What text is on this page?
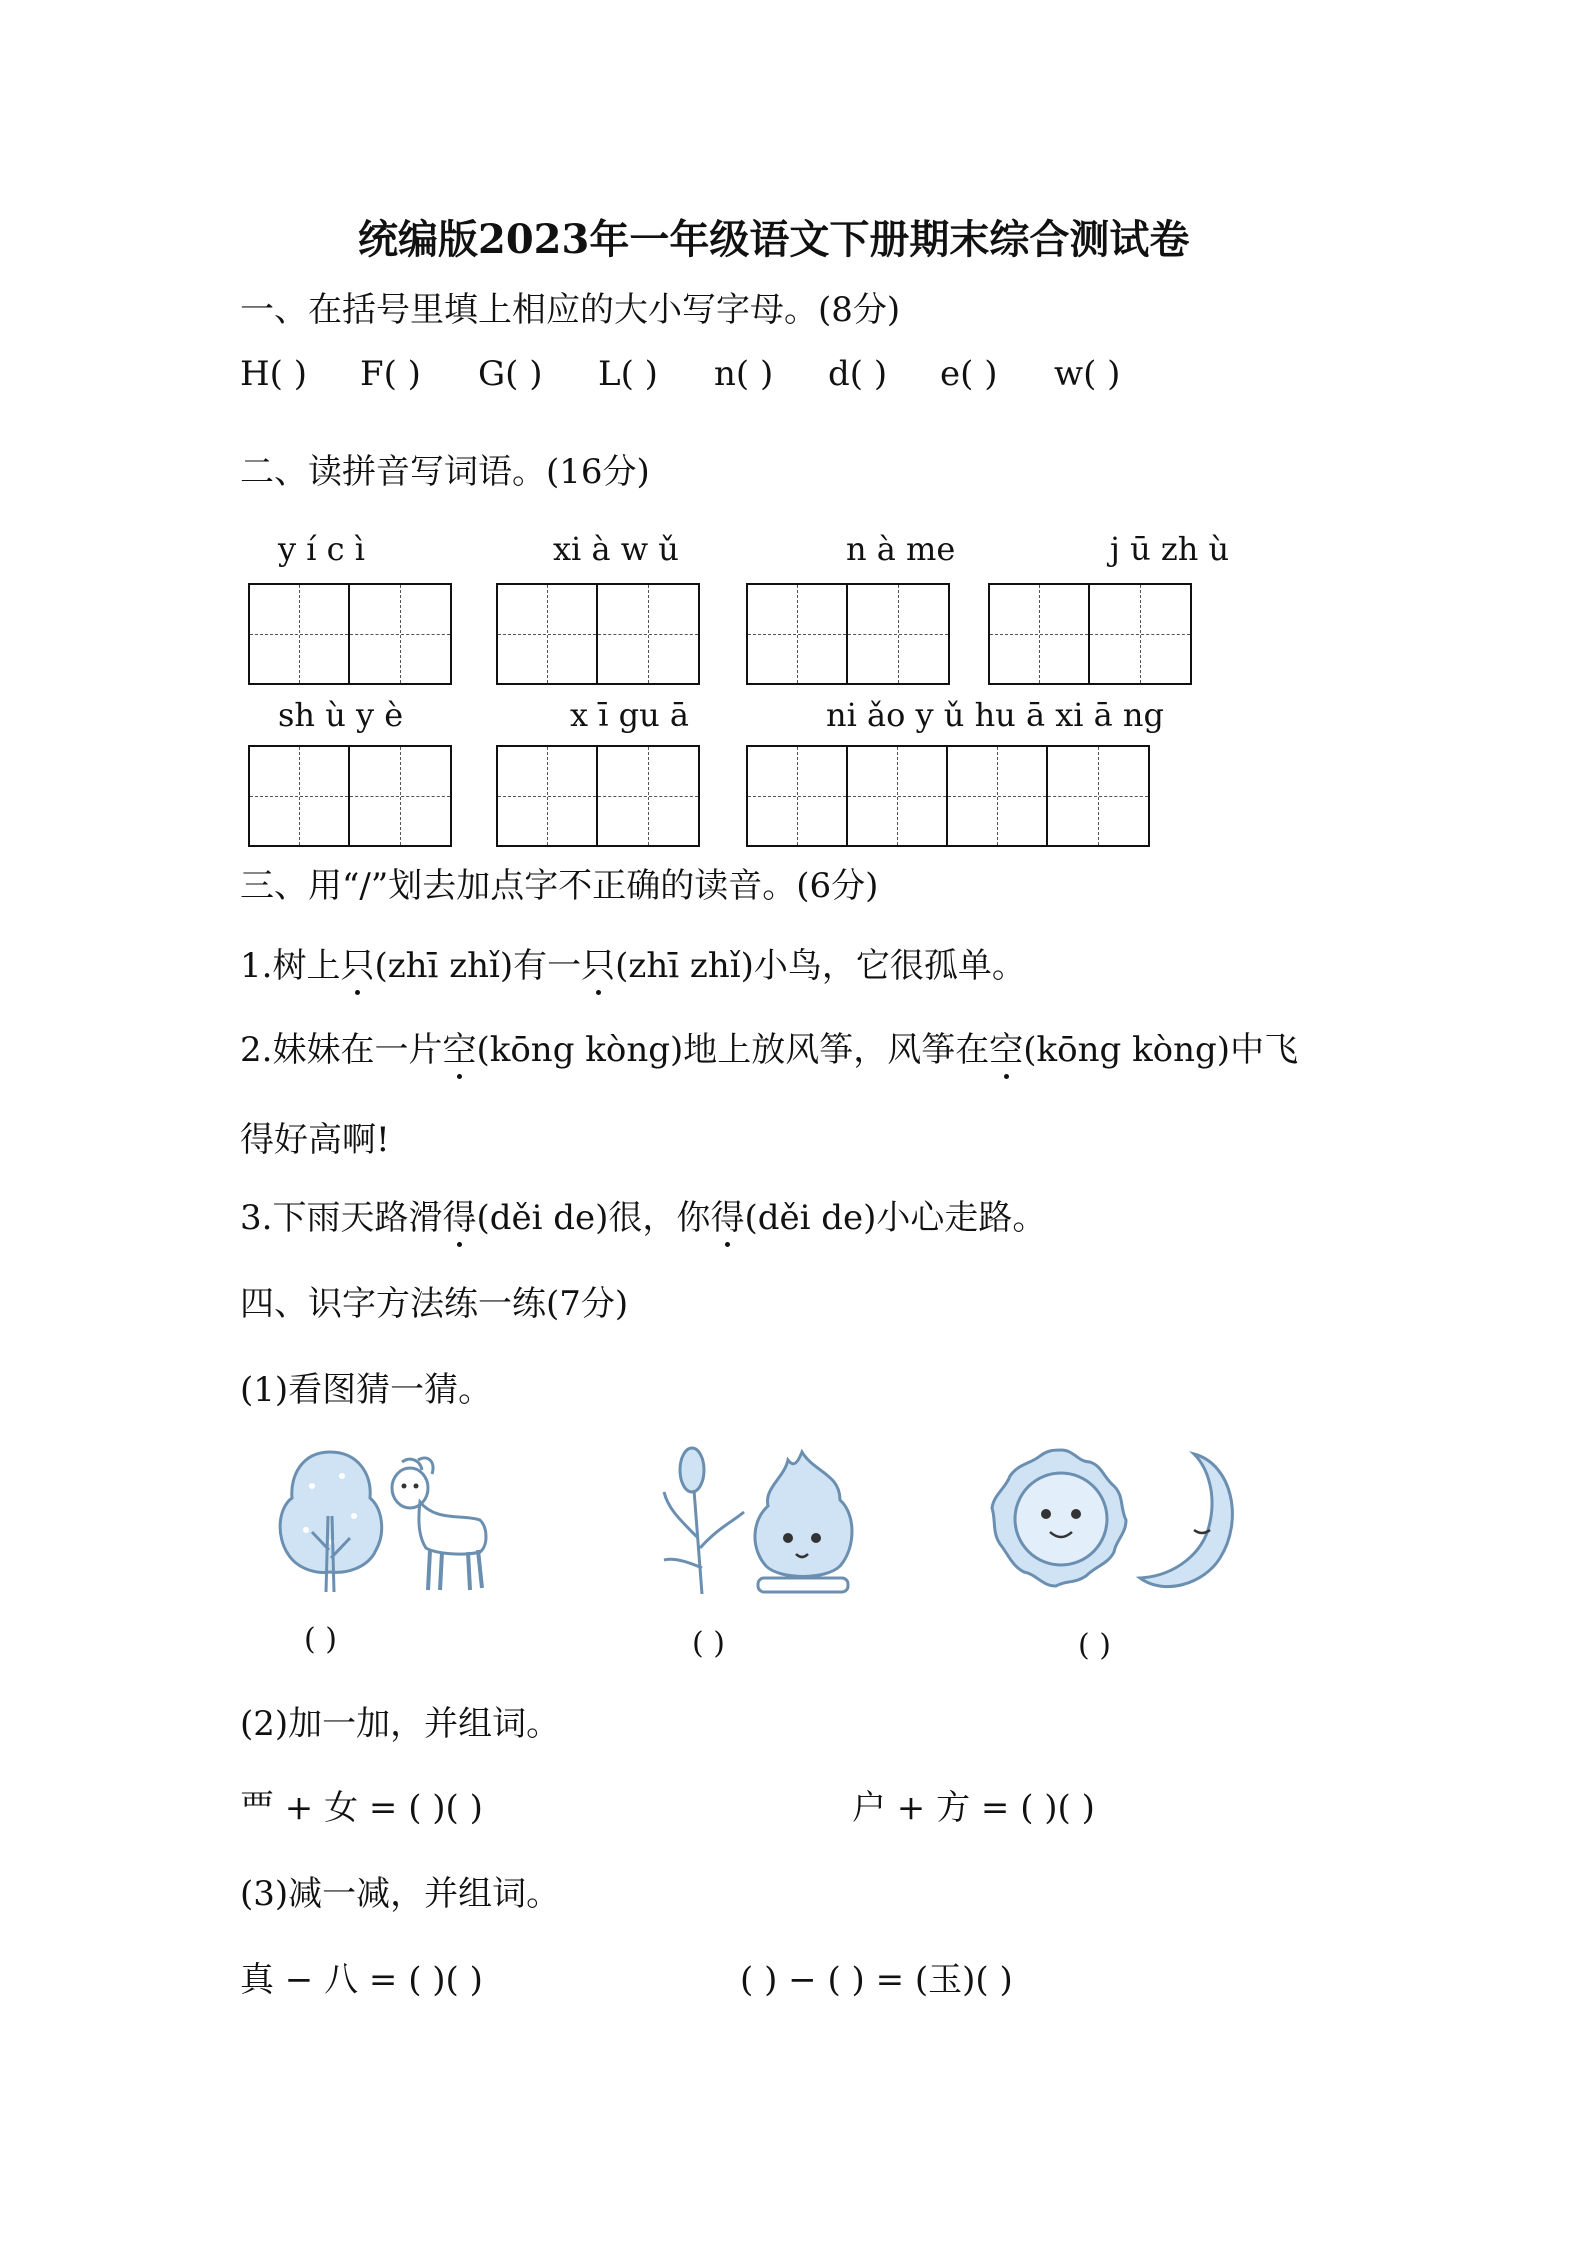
统编版2023年一年级语文下册期末综合测试卷
一、在括号里填上相应的大小写字母。(8分)
H( ) F( ) G( ) L( ) n( ) d( ) e( ) w( )
二、读拼音写词语。(16分)
y í c ì	xi à w ǔ	n à me	j ū zh ù
sh ù y è	x ī gu ā	ni ǎo y ǔ hu ā xi ā ng
三、用“/”划去加点字不正确的读音。(6分)
1.树上只(zhī zhǐ)有一只(zhī zhǐ)小鸟，它很孤单。
2.妹妹在一片空(kōng kòng)地上放风筝，风筝在空(kōng kòng)中飞
得好高啊!
3.下雨天路滑得(děi de)很，你得(děi de)小心走路。
四、识字方法练一练(7分)
(1)看图猜一猜。
( )	( )	( )
(2)加一加，并组词。
覀 + 女 = ( )( )	户 + 方 = ( )( )
(3)减一减，并组词。
真 − 八 = ( )( )	( ) − ( ) = (玉)( )
